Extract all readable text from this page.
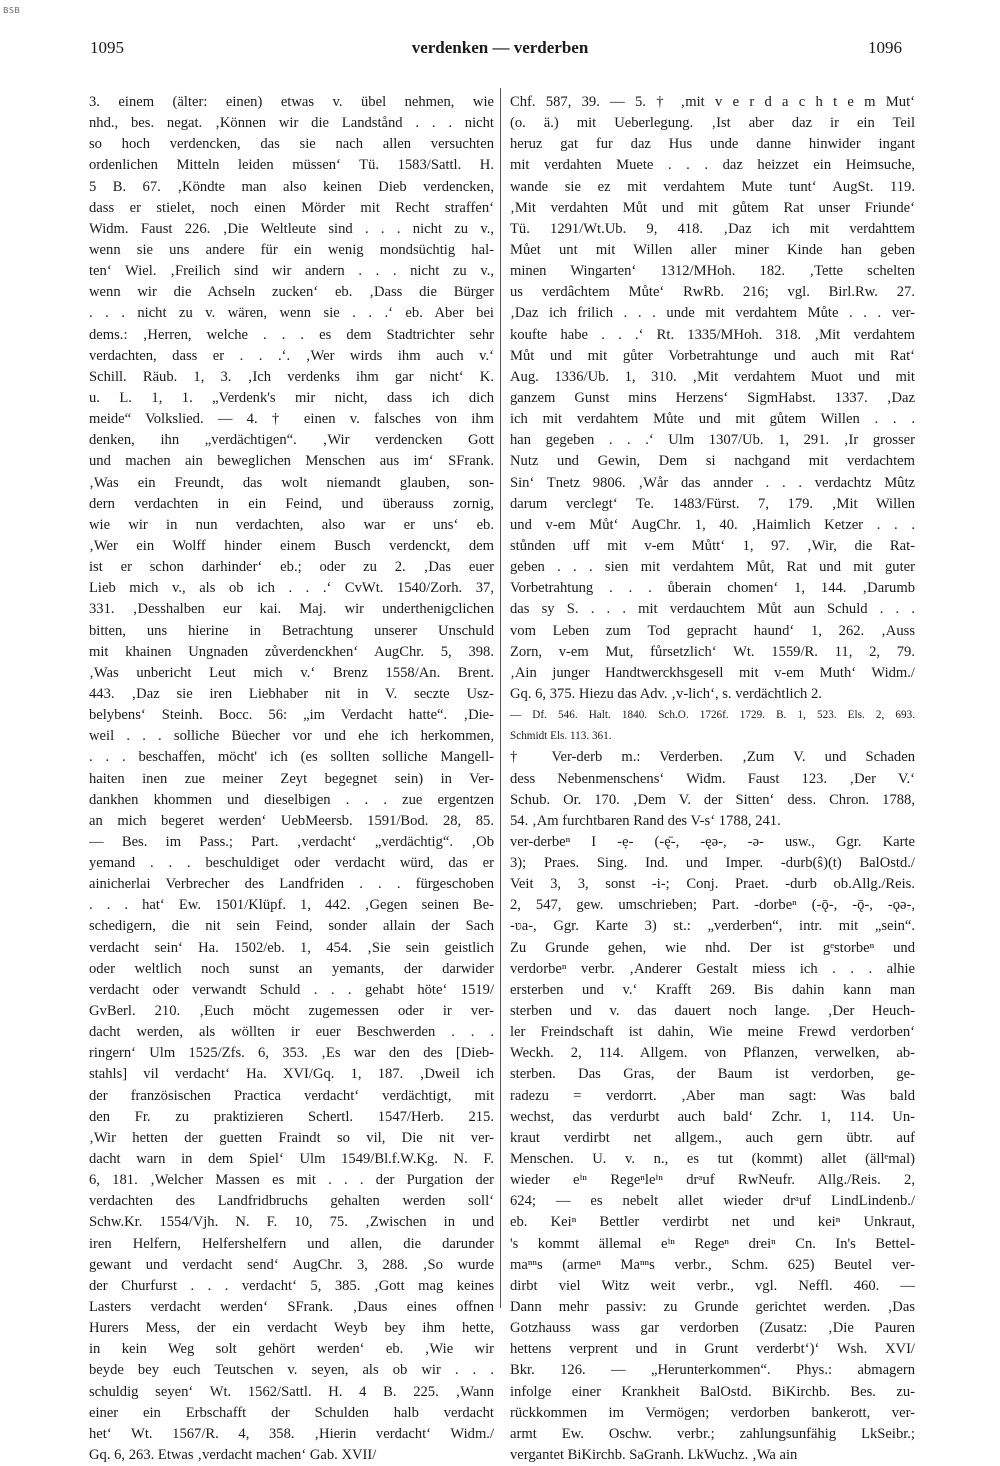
BSB
1095	verdenken — verderben	1096
3. einem (älter: einen) etwas v. übel nehmen, wie
nhd., bes. negat. ‚Können wir die Landstånd . . . nicht
so hoch verdencken, das sie nach allen versuchten
ordenlichen Mitteln leiden müssen‘ Tü. 1583/Sattl. H.
5 B. 67. ‚Köndte man also keinen Dieb verdencken,
dass er stielet, noch einen Mörder mit Recht straffen‘
Widm. Faust 226. ‚Die Weltleute sind . . . nicht zu v.,
wenn sie uns andere für ein wenig mondsüchtig hal-
ten‘ Wiel. ‚Freilich sind wir andern . . . nicht zu v.,
wenn wir die Achseln zucken‘ eb. ‚Dass die Bürger
. . . nicht zu v. wären, wenn sie . . .‘ eb. Aber bei
dems.: ‚Herren, welche . . . es dem Stadtrichter sehr
verdachten, dass er . . .‘. ‚Wer wirds ihm auch v.‘
Schill. Räub. 1, 3. ‚Ich verdenks ihm gar nicht‘ K.
u. L. 1, 1. „Verdenk's mir nicht, dass ich dich
meide“ Volkslied. — 4. † einen v. falsches von ihm
denken, ihn „verdächtigen“. ‚Wir verdencken Gott
und machen ain beweglichen Menschen aus im‘ SFrank.
‚Was ein Freundt, das wolt niemandt glauben, son-
dern verdachten in ein Feind, und überauss zornig,
wie wir in nun verdachten, also war er uns‘ eb.
‚Wer ein Wolff hinder einem Busch verdenckt, dem
ist er schon darhinder‘ eb.; oder zu 2. ‚Das euer
Lieb mich v., als ob ich . . .‘ CvWt. 1540/Zorh. 37,
331. ‚Desshalben eur kai. Maj. wir underthenigclichen
bitten, uns hierine in Betrachtung unserer Unschuld
mit khainen Ungnaden zůverdenckhen‘ AugChr. 5, 398.
‚Was unbericht Leut mich v.‘ Brenz 1558/An. Brent.
443. ‚Daz sie iren Liebhaber nit in V. seczte Usz-
belybens‘ Steinh. Bocc. 56: „im Verdacht hatte“. ‚Die-
weil . . . solliche Büecher vor und ehe ich herkommen,
. . . beschaffen, möcht' ich (es sollten solliche Mangell-
haiten inen zue meiner Zeyt begegnet sein) in Ver-
dankhen khommen und dieselbigen . . . zue ergentzen
an mich begeret werden‘ UebMeersb. 1591/Bod. 28, 85.
— Bes. im Pass.; Part. ‚verdacht‘ „verdächtig“. ‚Ob
yemand . . . beschuldiget oder verdacht würd, das er
ainicherlai Verbrecher des Landfriden . . . fürgeschoben
. . . hat‘ Ew. 1501/Klüpf. 1, 442. ‚Gegen seinen Be-
schedigern, die nit sein Feind, sonder allain der Sach
verdacht sein‘ Ha. 1502/eb. 1, 454. ‚Sie sein geistlich
oder weltlich noch sunst an yemants, der darwider
verdacht oder verwandt Schuld . . . gehabt höte‘ 1519/
GvBerl. 210. ‚Euch möcht zugemessen oder ir ver-
dacht werden, als wöllten ir euer Beschwerden . . .
ringern‘ Ulm 1525/Zfs. 6, 353. ‚Es war den des [Dieb-
stahls] vil verdacht‘ Ha. XVI/Gq. 1, 187. ‚Dweil ich
der französischen Practica verdacht‘ verdächtigt, mit
den Fr. zu praktizieren Schertl. 1547/Herb. 215.
‚Wir hetten der guetten Fraindt so vil, Die nit ver-
dacht warn in dem Spiel‘ Ulm 1549/Bl.f.W.Kg. N. F.
6, 181. ‚Welcher Massen es mit . . . der Purgation der
verdachten des Landfridbruchs gehalten werden soll‘
Schw.Kr. 1554/Vjh. N. F. 10, 75. ‚Zwischen in und
iren Helfern, Helfershelfern und allen, die darunder
gewant und verdacht send‘ AugChr. 3, 288. ‚So wurde
der Churfurst . . . verdacht‘ 5, 385. ‚Gott mag keines
Lasters verdacht werden‘ SFrank. ‚Daus eines offnen
Hurers Mess, der ein verdacht Weyb bey ihm hette,
in kein Weg solt gehört werden‘ eb. ‚Wie wir
beyde bey euch Teutschen v. seyen, als ob wir . . .
schuldig seyen‘ Wt. 1562/Sattl. H. 4 B. 225. ‚Wann
einer ein Erbschafft der Schulden halb verdacht
het‘ Wt. 1567/R. 4, 358. ‚Hierin verdacht‘ Widm./
Gq. 6, 263. Etwas ‚verdacht machen‘ Gab. XVII/
Chf. 587, 39. — 5. † ‚mit v e r d a c h t e m Mut‘
(o. ä.) mit Ueberlegung. ‚Ist aber daz ir ein Teil
heruz gat fur daz Hus unde danne hinwider ingant
mit verdahten Muete . . . daz heizzet ein Heimsuche,
wande sie ez mit verdahtem Mute tunt‘ AugSt. 119.
‚Mit verdahten Můt und mit gůtem Rat unser Friunde‘
Tü. 1291/Wt.Ub. 9, 418. ‚Daz ich mit verdahttem
Můet unt mit Willen aller miner Kinde han geben
minen Wingarten‘ 1312/MHoh. 182. ‚Tette schelten
us verdâchtem Můte‘ RwRb. 216; vgl. Birl.Rw. 27.
‚Daz ich frilich . . . unde mit verdahtem Můte . . . ver-
koufte habe . . .‘ Rt. 1335/MHoh. 318. ‚Mit verdahtem
Můt und mit gůter Vorbetrahtunge und auch mit Rat‘
Aug. 1336/Ub. 1, 310. ‚Mit verdahtem Muot und mit
ganzem Gunst mins Herzens‘ SigmHabst. 1337. ‚Daz
ich mit verdahtem Můte und mit gůtem Willen . . .
han gegeben . . .‘ Ulm 1307/Ub. 1, 291. ‚Ir grosser
Nutz und Gewin, Dem si nachgand mit verdachtem
Sin‘ Tnetz 9806. ‚Wår das annder . . . verdachtz Mûtz
darum verclegt‘ Te. 1483/Fürst. 7, 179. ‚Mit Willen
und v-em Můt‘ AugChr. 1, 40. ‚Haimlich Ketzer . . .
stůnden uff mit v-em Můtt‘ 1, 97. ‚Wir, die Rat-
geben . . . sien mit verdahtem Můt, Rat und mit guter
Vorbetrahtung . . . ůberain chomen‘ 1, 144. ‚Darumb
das sy S. . . . mit verdauchtem Můt aun Schuld . . .
vom Leben zum Tod gepracht haund‘ 1, 262. ‚Auss
Zorn, v-em Mut, fůrsetzlich‘ Wt. 1559/R. 11, 2, 79.
‚Ain junger Handtwerckhsgesell mit v-em Muth‘ Widm./
Gq. 6, 375. Hiezu das Adv. ‚v-lich‘, s. verdächtlich 2.
— Df. 546. Halt. 1840. Sch.O. 1726f. 1729. B. 1, 523. Els. 2, 693.
Schmidt Els. 113. 361.
† Ver-derb m.: Verderben. ‚Zum V. und Schaden
dess Nebenmenschens‘ Widm. Faust 123. ‚Der V.‘
Schub. Or. 170. ‚Dem V. der Sitten‘ dess. Chron. 1788,
54. ‚Am furchtbaren Rand des V-s‘ 1788, 241.
ver-derbeⁿ I -ẹ- (-ę̄-, -ęə-, -ə- usw., Ggr. Karte
3); Praes. Sing. Ind. und Imper. -durb(ŝ)(t) BalOstd./
Veit 3, 3, sonst -i-; Conj. Praet. -durb ob.Allg./Reis.
2, 547, gew. umschrieben; Part. -dorbeⁿ (-ǭ-, -ǭ-, -ǫə-,
-ʋa-, Ggr. Karte 3) st.: „verderben“, intr. mit „sein“.
Zu Grunde gehen, wie nhd. Der ist gᵉstorbeⁿ und
verdorbeⁿ verbr. ‚Anderer Gestalt miess ich . . . alhie
ersterben und v.‘ Krafft 269. Bis dahin kann man
sterben und v. das dauert noch lange. ‚Der Heuch-
ler Freindschaft ist dahin, Wie meine Frewd verdorben‘
Weckh. 2, 114. Allgem. von Pflanzen, verwelken, ab-
sterben. Das Gras, der Baum ist verdorben, ge-
radezu = verdorrt. ‚Aber man sagt: Was bald
wechst, das verdurbt auch bald‘ Zchr. 1, 114. Un-
kraut verdirbt net allgem., auch gern übtr. auf
Menschen. U. v. n., es tut (kommt) allet (ällᵉmal)
wieder eⁱⁿ Regeⁿleⁱⁿ drᵃuf RwNeufr. Allg./Reis. 2,
624; — es nebelt allet wieder drᵃuf LindLindenb./
eb. Keiⁿ Bettler verdirbt net und keiⁿ Unkraut,
's kommt ällemal eⁱⁿ Regeⁿ dreiⁿ Cn. In's Bettel-
maⁿⁿs (armeⁿ Maⁿⁿs verbr., Schm. 625) Beutel ver-
dirbt viel Witz weit verbr., vgl. Neffl. 460. —
Dann mehr passiv: zu Grunde gerichtet werden. ‚Das
Gotzhauss wass gar verdorben (Zusatz: ‚Die Pauren
hettens verprent und in Grunt verderbt‘)‘ Wsh. XVI/
Bkr. 126. — „Herunterkommen“. Phys.: abmagern
infolge einer Krankheit BalOstd. BiKirchb. Bes. zu-
rückkommen im Vermögen; verdorben bankerott, ver-
armt Ew. Oschw. verbr.; zahlungsunfähig LkSeibr.;
vergantet BiKirchb. SaGranh. LkWuchz. ‚Wa ain
